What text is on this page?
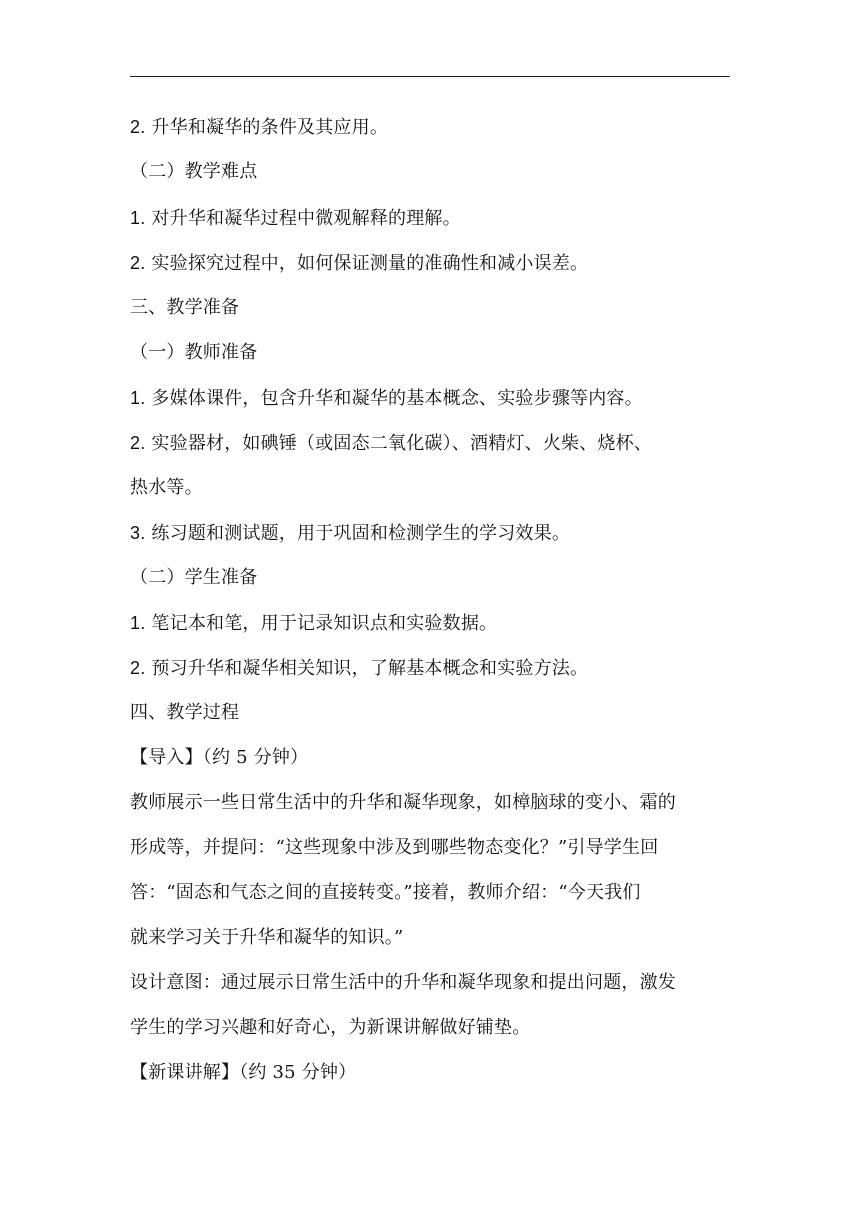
2. 升华和凝华的条件及其应用。
（二）教学难点
1. 对升华和凝华过程中微观解释的理解。
2. 实验探究过程中，如何保证测量的准确性和减小误差。
三、教学准备
（一）教师准备
1. 多媒体课件，包含升华和凝华的基本概念、实验步骤等内容。
2. 实验器材，如碘锤（或固态二氧化碳）、酒精灯、火柴、烧杯、
热水等。
3. 练习题和测试题，用于巩固和检测学生的学习效果。
（二）学生准备
1. 笔记本和笔，用于记录知识点和实验数据。
2. 预习升华和凝华相关知识，了解基本概念和实验方法。
四、教学过程
【导入】（约 5 分钟）
教师展示一些日常生活中的升华和凝华现象，如樟脑球的变小、霜的
形成等，并提问：“这些现象中涉及到哪些物态变化？”引导学生回
答：“固态和气态之间的直接转变。”接着，教师介绍：“今天我们
就来学习关于升华和凝华的知识。”
设计意图：通过展示日常生活中的升华和凝华现象和提出问题，激发
学生的学习兴趣和好奇心，为新课讲解做好铺垫。
【新课讲解】（约 35 分钟）
